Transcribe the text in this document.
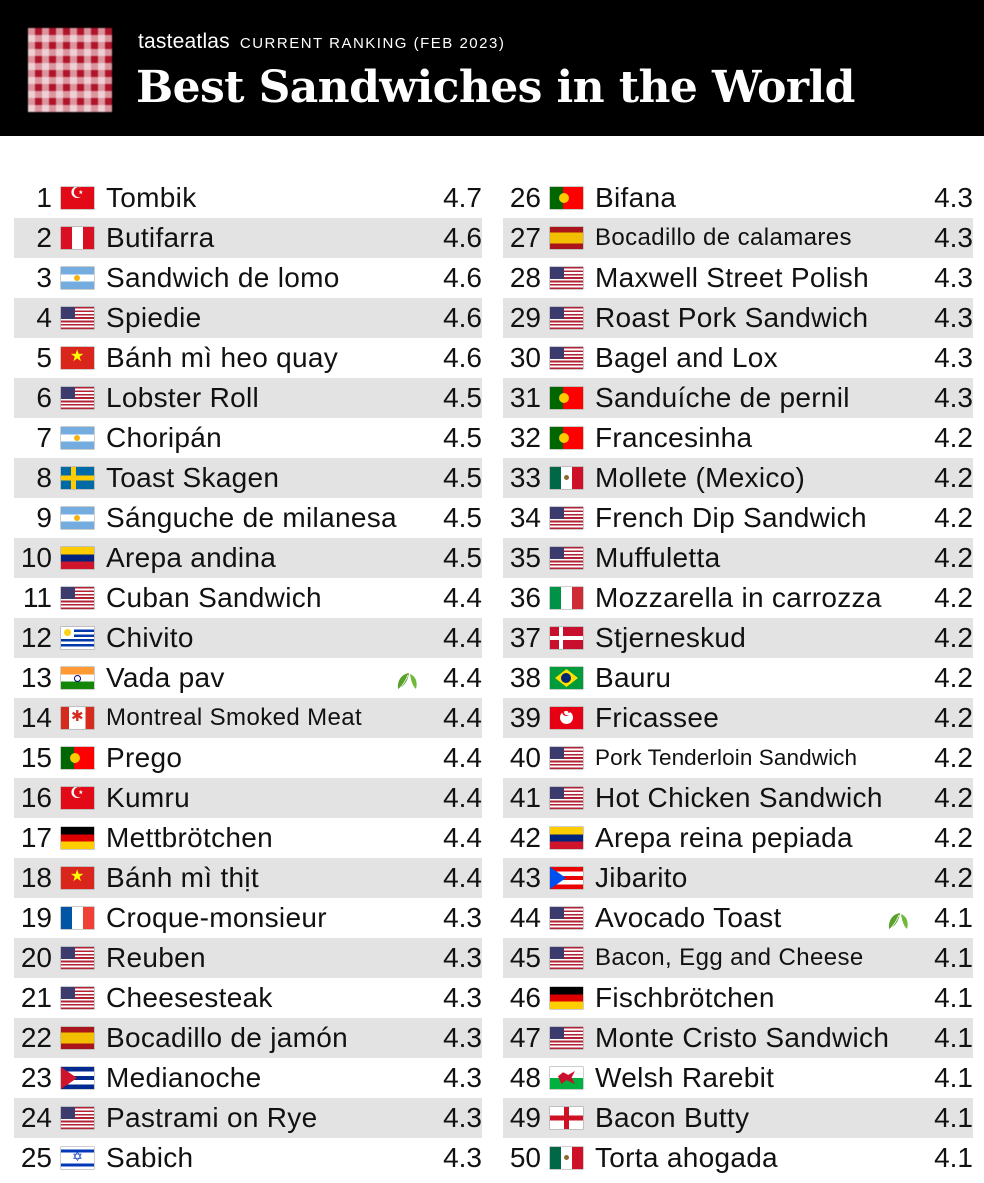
tasteatlas CURRENT RANKING (FEB 2023)
Best Sandwiches in the World
1 ☪ Tombik	4.7
2 Butifarra	4.6
3 Sandwich de lomo	4.6
4 Spiedie	4.6
5 ★ Bánh mì heo quay	4.6
6 Lobster Roll	4.5
7 Choripán	4.5
8 Toast Skagen	4.5
9 Sánguche de milanesa	4.5
10 Arepa andina	4.5
11 Cuban Sandwich	4.4
12 Chivito	4.4
13 Vada pav	4.4
14 ✱ Montreal Smoked Meat	4.4
15 Prego	4.4
16 ☪ Kumru	4.4
17 Mettbrötchen	4.4
18 ★ Bánh mì thịt	4.4
19 Croque-monsieur	4.3
20 Reuben	4.3
21 Cheesesteak	4.3
22 Bocadillo de jamón	4.3
23 Medianoche	4.3
24 Pastrami on Rye	4.3
25 ✡ Sabich	4.3
26 Bifana	4.3
27 Bocadillo de calamares	4.3
28 Maxwell Street Polish	4.3
29 Roast Pork Sandwich	4.3
30 Bagel and Lox	4.3
31 Sanduíche de pernil	4.3
32 Francesinha	4.2
33 Mollete (Mexico)	4.2
34 French Dip Sandwich	4.2
35 Muffuletta	4.2
36 Mozzarella in carrozza	4.2
37 Stjerneskud	4.2
38 Bauru	4.2
39 ☪ Fricassee	4.2
40 Pork Tenderloin Sandwich	4.2
41 Hot Chicken Sandwich	4.2
42 Arepa reina pepiada	4.2
43 Jibarito	4.2
44 Avocado Toast	4.1
45 Bacon, Egg and Cheese	4.1
46 Fischbrötchen	4.1
47 Monte Cristo Sandwich	4.1
48 Welsh Rarebit	4.1
49 Bacon Butty	4.1
50 Torta ahogada	4.1
